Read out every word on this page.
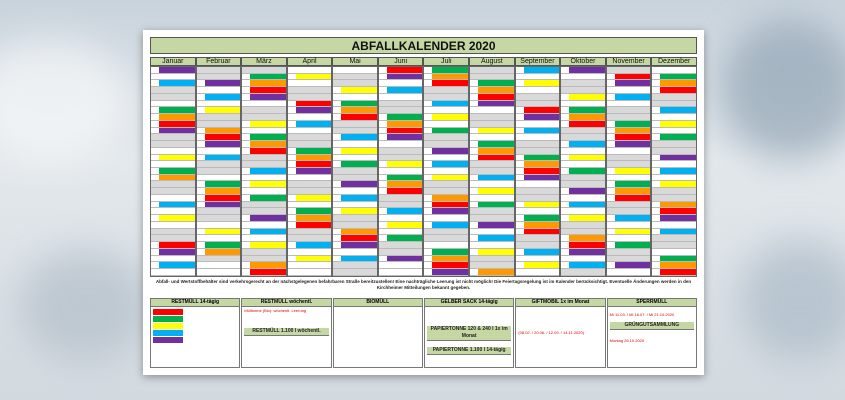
ABFALLKALENDER 2020
Januar	Februar	März	April	Mai	Juni	Juli	August	September	Oktober	November	Dezember
Abfall- und Wertstoffbehälter sind verkehrsgerecht an der nächstgelegenen befahrbaren Straße bereitzustellen! Eine nachträgliche Leerung ist nicht möglich! Die Feiertagsregelung ist im Kalender berücksichtigt. Eventuelle Änderungen werden in den Kirchheimer Mitteilungen bekannt gegeben.
RESTMÜLL 14-tägig	RESTMÜLL wöchentl.
Mülltonne (Bio): wöchentl. Leerung
RESTMÜLL 1.100 l wöchentl.
BIOMÜLL	GELBER SACK 14-tägig
PAPIERTONNE 120 & 240 l 1x im Monat
PAPIERTONNE 1.100 l 14-tägig
GIFTMOBIL 1x im Monat
(08.02. / 20.06. / 12.09. / 14.11.2020)
SPERRMÜLL
Mi 11.03. / Mi 16.07. / Mi 21.10.2020
GRÜNGUTSAMMLUNG
Montag 26.10.2020
